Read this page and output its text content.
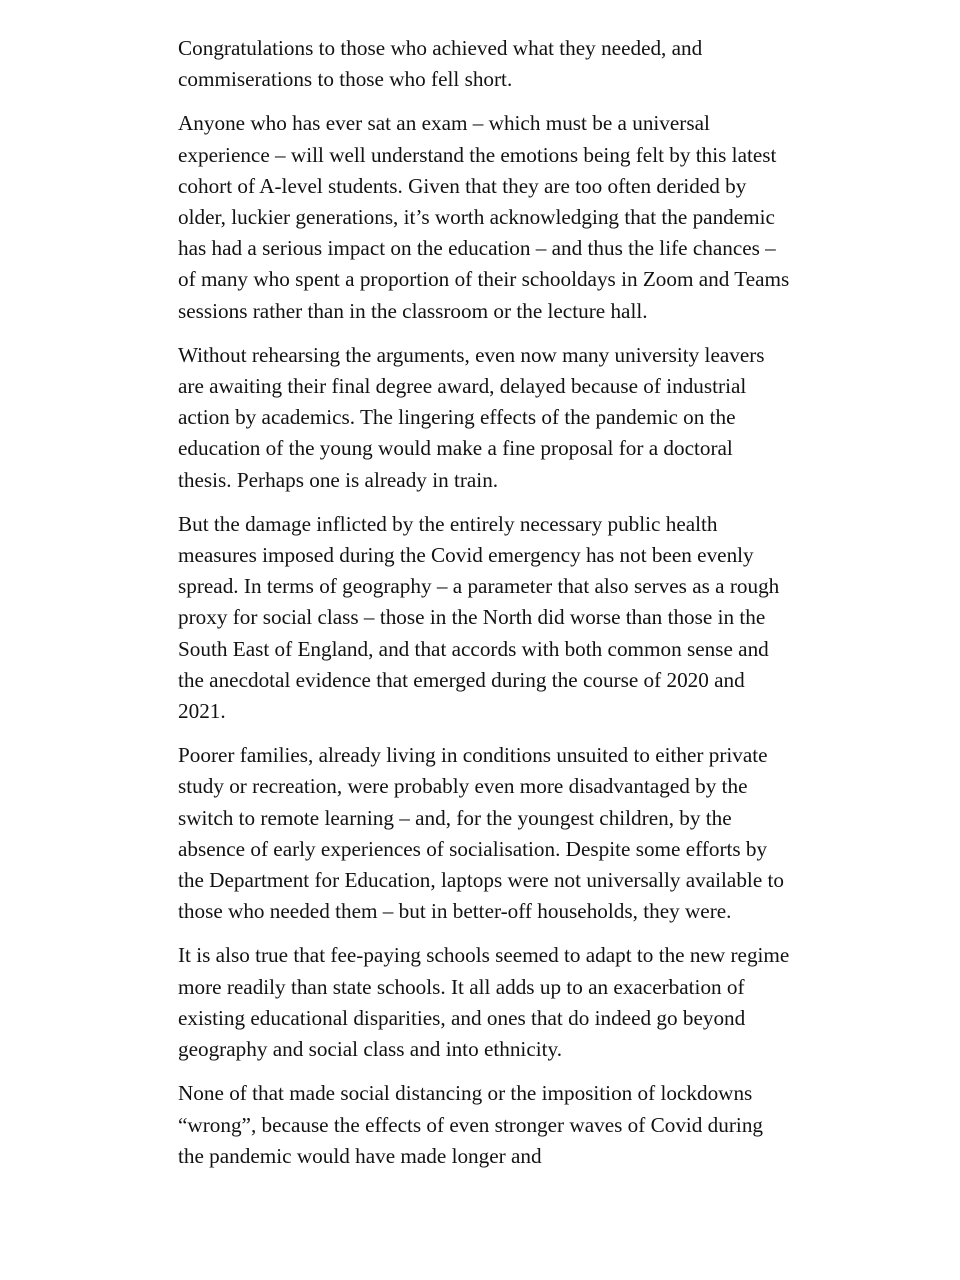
Congratulations to those who achieved what they needed, and commiserations to those who fell short.

Anyone who has ever sat an exam – which must be a universal experience – will well understand the emotions being felt by this latest cohort of A-level students. Given that they are too often derided by older, luckier generations, it’s worth acknowledging that the pandemic has had a serious impact on the education – and thus the life chances – of many who spent a proportion of their schooldays in Zoom and Teams sessions rather than in the classroom or the lecture hall.

Without rehearsing the arguments, even now many university leavers are awaiting their final degree award, delayed because of industrial action by academics. The lingering effects of the pandemic on the education of the young would make a fine proposal for a doctoral thesis. Perhaps one is already in train.

But the damage inflicted by the entirely necessary public health measures imposed during the Covid emergency has not been evenly spread. In terms of geography – a parameter that also serves as a rough proxy for social class – those in the North did worse than those in the South East of England, and that accords with both common sense and the anecdotal evidence that emerged during the course of 2020 and 2021.

Poorer families, already living in conditions unsuited to either private study or recreation, were probably even more disadvantaged by the switch to remote learning – and, for the youngest children, by the absence of early experiences of socialisation. Despite some efforts by the Department for Education, laptops were not universally available to those who needed them – but in better-off households, they were.

It is also true that fee-paying schools seemed to adapt to the new regime more readily than state schools. It all adds up to an exacerbation of existing educational disparities, and ones that do indeed go beyond geography and social class and into ethnicity.

None of that made social distancing or the imposition of lockdowns “wrong”, because the effects of even stronger waves of Covid during the pandemic would have made longer and
